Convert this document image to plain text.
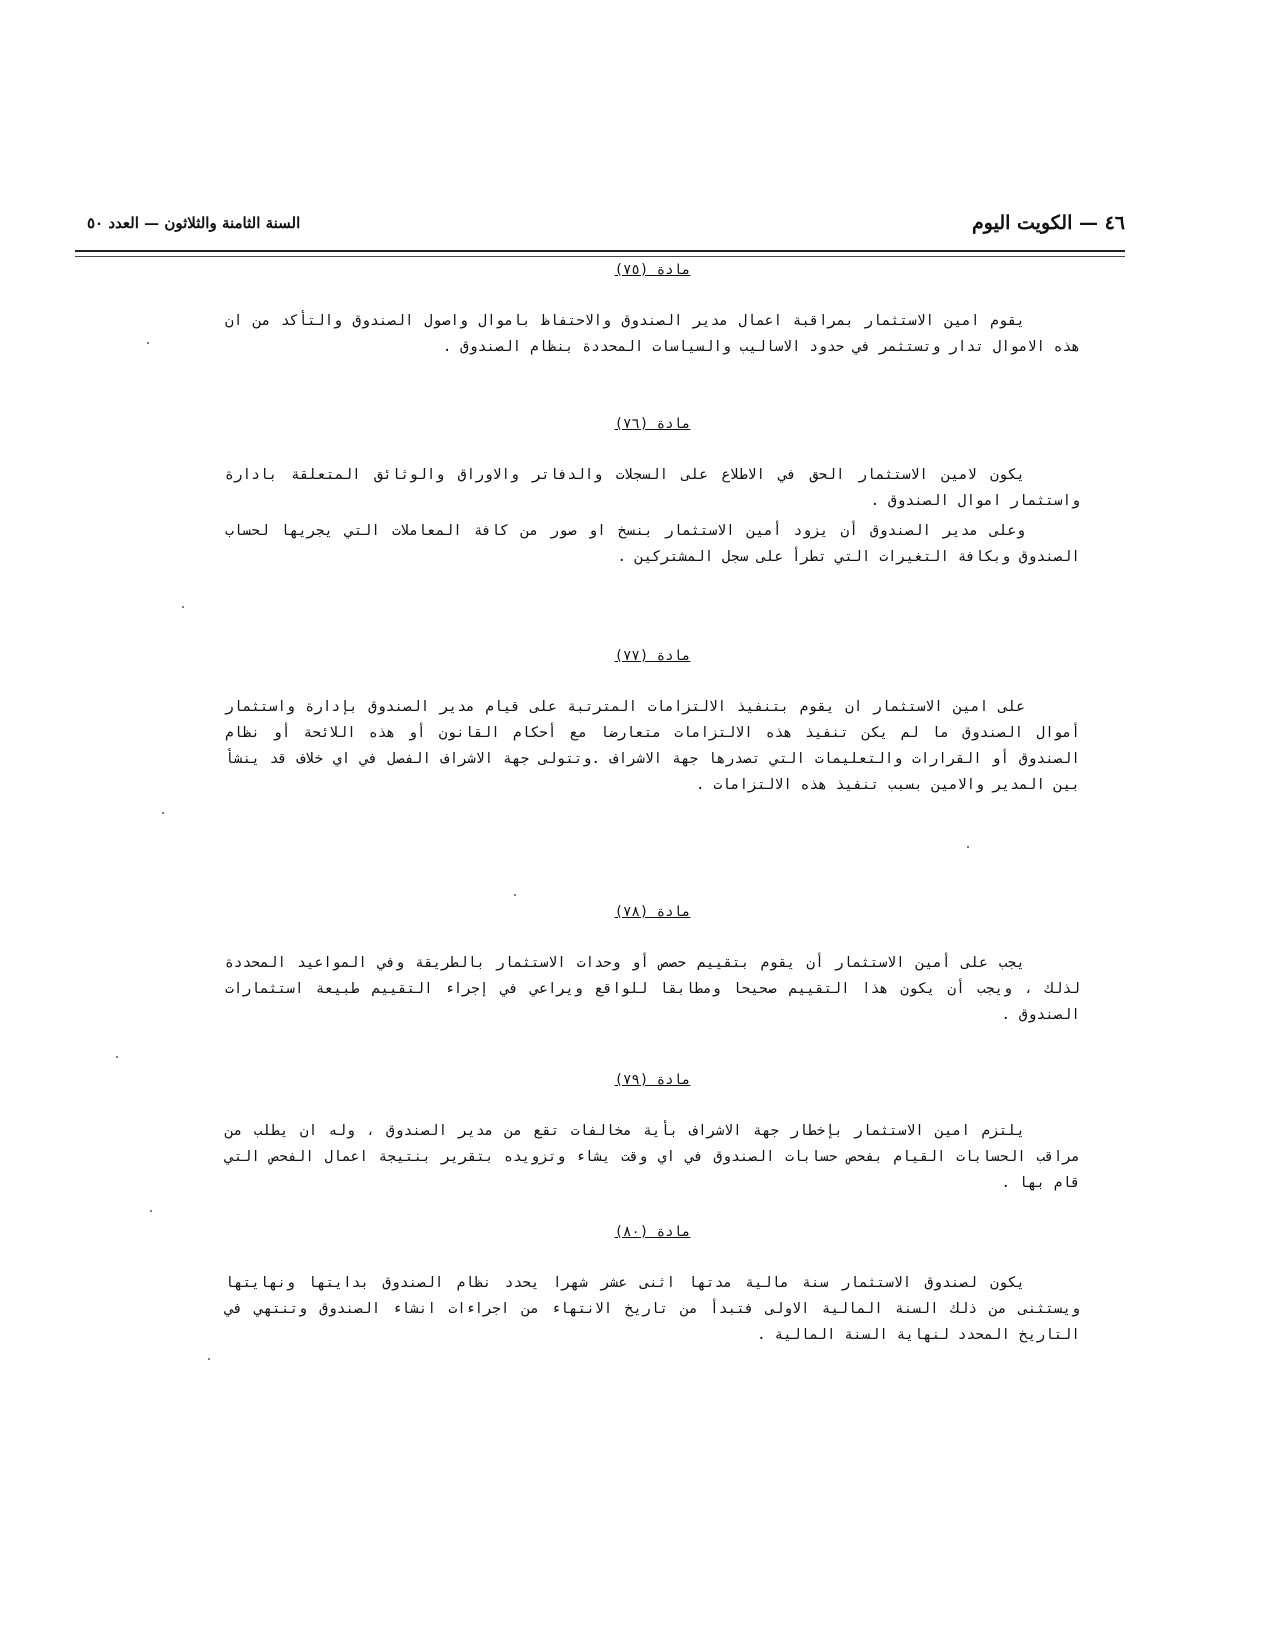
٤٦ — الكويت اليوم
السنة الثامنة والثلاثون — العدد ٥٠
مادة (٧٥)

يقوم امين الاستثمار بمراقبة اعمال مدير الصندوق والاحتفاظ باموال واصول الصندوق والتأكد من ان هذه الاموال تدار وتستثمر في حدود الاساليب والسياسات المحددة بنظام الصندوق .

مادة (٧٦)

يكون لامين الاستثمار الحق في الاطلاع على السجلات والدفاتر والاوراق والوثائق المتعلقة بادارة واستثمار اموال الصندوق .

وعلى مدير الصندوق أن يزود أمين الاستثمار بنسخ او صور من كافة المعاملات التي يجريها لحساب الصندوق وبكافة التغيرات التي تطرأ على سجل المشتركين .

مادة (٧٧)

على امين الاستثمار ان يقوم بتنفيذ الالتزامات المترتبة على قيام مدير الصندوق بإدارة واستثمار أموال الصندوق ما لم يكن تنفيذ هذه الالتزامات متعارضا مع أحكام القانون أو هذه اللائحة أو نظام الصندوق أو القرارات والتعليمات التي تصدرها جهة الاشراف .وتتولى جهة الاشراف الفصل في اي خلاف قد ينشأ بين المدير والامين بسبب تنفيذ هذه الالتزامات .

مادة (٧٨)

يجب على أمين الاستثمار أن يقوم بتقييم حصص أو وحدات الاستثمار بالطريقة وفي المواعيد المحددة لذلك ، ويجب أن يكون هذا التقييم صحيحا ومطابقا للواقع ويراعي في إجراء التقييم طبيعة استثمارات الصندوق .

مادة (٧٩)

يلتزم امين الاستثمار بإخطار جهة الاشراف بأية مخالفات تقع من مدير الصندوق ، وله ان يطلب من مراقب الحسابات القيام بفحص حسابات الصندوق في اي وقت يشاء وتزويده بتقرير بنتيجة اعمال الفحص التي قام بها .

مادة (٨٠)

يكون لصندوق الاستثمار سنة مالية مدتها اثنى عشر شهرا يحدد نظام الصندوق بدايتها ونهايتها ويستثنى من ذلك السنة المالية الاولى فتبدأ من تاريخ الانتهاء من اجراءات انشاء الصندوق وتنتهي في التاريخ المحدد لنهاية السنة المالية .
